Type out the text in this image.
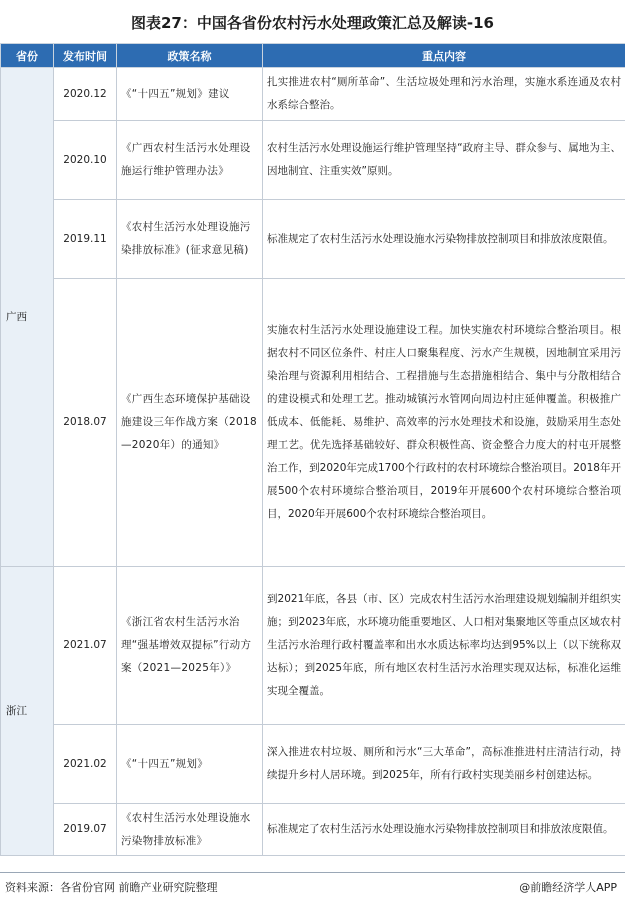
图表27：中国各省份农村污水处理政策汇总及解读-16
省份	发布时间	政策名称	重点内容
广西	2020.12	《“十四五”规划》建议	扎实推进农村“厕所革命”、生活垃圾处理和污水治理，实施水系连通及农村水系综合整治。
	2020.10	《广西农村生活污水处理设施运行维护管理办法》	农村生活污水处理设施运行维护管理坚持“政府主导、群众参与、属地为主、因地制宜、注重实效”原则。
	2019.11	《农村生活污水处理设施污染排放标准》(征求意见稿)	标准规定了农村生活污水处理设施水污染物排放控制项目和排放浓度限值。
	2018.07	《广西生态环境保护基础设施建设三年作战方案（2018—2020年）的通知》	实施农村生活污水处理设施建设工程。加快实施农村环境综合整治项目。根据农村不同区位条件、村庄人口聚集程度、污水产生规模，因地制宜采用污染治理与资源利用相结合、工程措施与生态措施相结合、集中与分散相结合的建设模式和处理工艺。推动城镇污水管网向周边村庄延伸覆盖。积极推广低成本、低能耗、易维护、高效率的污水处理技术和设施，鼓励采用生态处理工艺。优先选择基础较好、群众积极性高、资金整合力度大的村屯开展整治工作，到2020年完成1700个行政村的农村环境综合整治项目。2018年开展500个农村环境综合整治项目，2019年开展600个农村环境综合整治项目，2020年开展600个农村环境综合整治项目。
浙江	2021.07	《浙江省农村生活污水治理“强基增效双提标”行动方案（2021—2025年）》	到2021年底，各县（市、区）完成农村生活污水治理建设规划编制并组织实施；到2023年底，水环境功能重要地区、人口相对集聚地区等重点区域农村生活污水治理行政村覆盖率和出水水质达标率均达到95%以上（以下统称双达标）；到2025年底，所有地区农村生活污水治理实现双达标，标准化运维实现全覆盖。
	2021.02	《“十四五”规划》	深入推进农村垃圾、厕所和污水“三大革命”，高标准推进村庄清洁行动，持续提升乡村人居环境。到2025年，所有行政村实现美丽乡村创建达标。
	2019.07	《农村生活污水处理设施水污染物排放标准》	标准规定了农村生活污水处理设施水污染物排放控制项目和排放浓度限值。
资料来源：各省份官网 前瞻产业研究院整理	@前瞻经济学人APP
